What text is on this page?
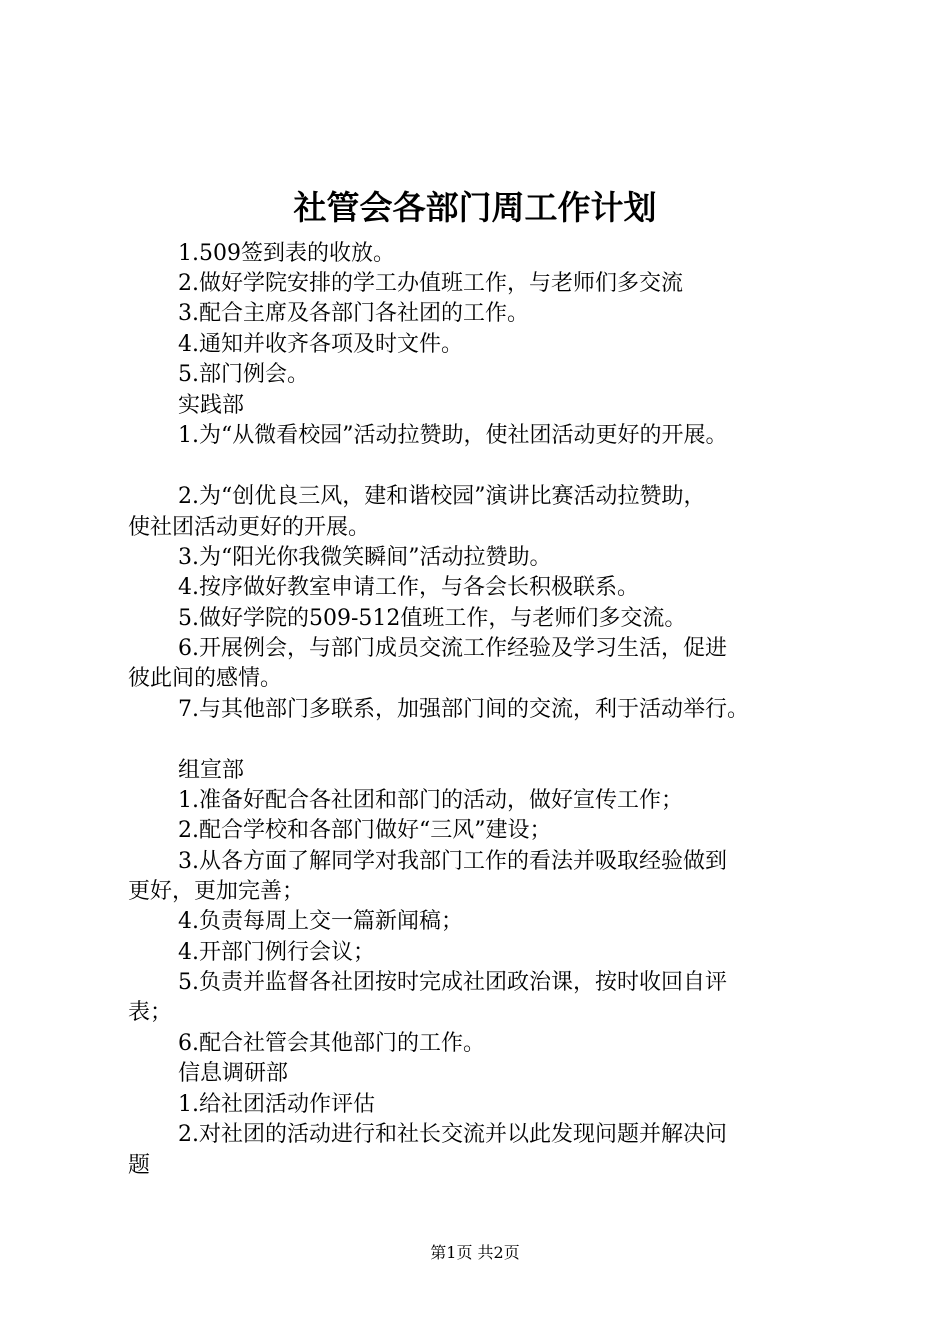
社管会各部门周工作计划

1.509签到表的收放。

2.做好学院安排的学工办值班工作，与老师们多交流

3.配合主席及各部门各社团的工作。

4.通知并收齐各项及时文件。

5.部门例会。

实践部

1.为“从微看校园”活动拉赞助，使社团活动更好的开展。

2.为“创优良三风，建和谐校园”演讲比赛活动拉赞助，

使社团活动更好的开展。

3.为“阳光你我微笑瞬间”活动拉赞助。

4.按序做好教室申请工作，与各会长积极联系。

5.做好学院的509-512值班工作，与老师们多交流。

6.开展例会，与部门成员交流工作经验及学习生活，促进

彼此间的感情。

7.与其他部门多联系，加强部门间的交流，利于活动举行。

组宣部

1.准备好配合各社团和部门的活动，做好宣传工作；

2.配合学校和各部门做好“三风”建设；

3.从各方面了解同学对我部门工作的看法并吸取经验做到

更好，更加完善；

4.负责每周上交一篇新闻稿；

4.开部门例行会议；

5.负责并监督各社团按时完成社团政治课，按时收回自评

表；

6.配合社管会其他部门的工作。

信息调研部

1.给社团活动作评估

2.对社团的活动进行和社长交流并以此发现问题并解决问

题

第1页 共2页
